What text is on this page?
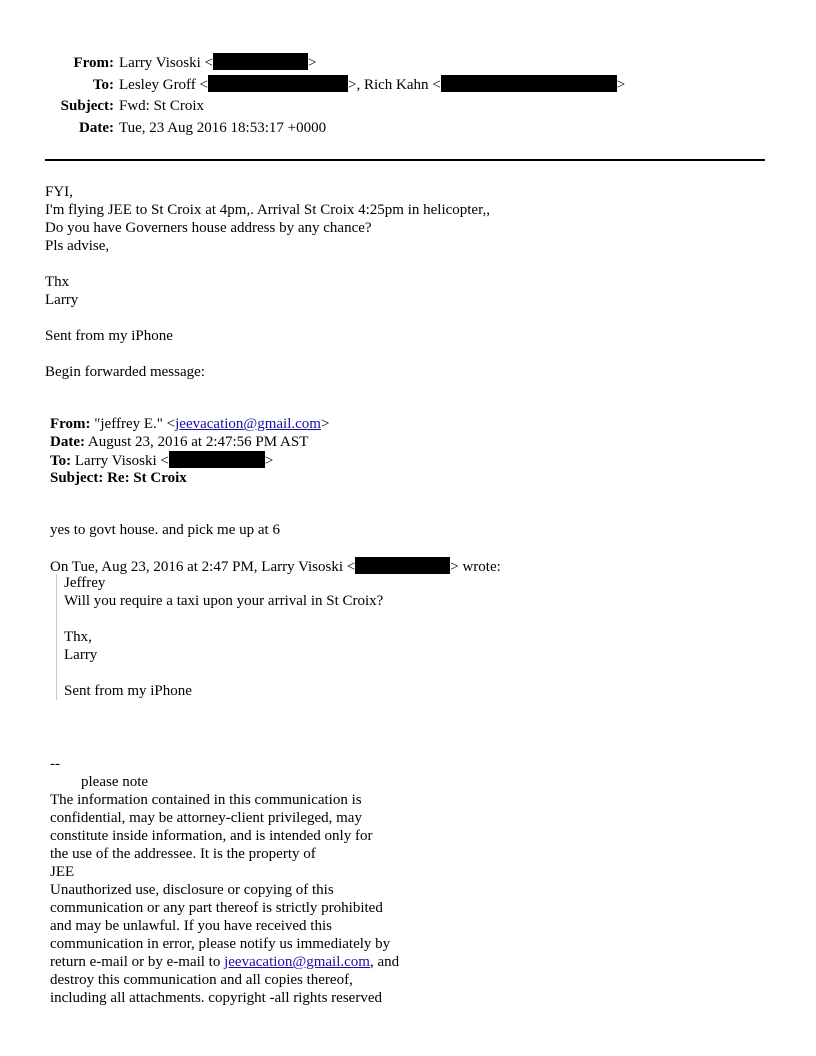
From: Larry Visoski <	>
To: Lesley Groff <	>, Rich Kahn <	>
Subject: Fwd: St Croix
Date: Tue, 23 Aug 2016 18:53:17 +0000
FYI,
I'm flying JEE to St Croix at 4pm,. Arrival St Croix 4:25pm in helicopter,,
Do you have Governers house address by any chance?
Pls advise,
Thx
Larry
Sent from my iPhone
Begin forwarded message:
From: "jeffrey E." <jeevacation@gmail.com>
Date: August 23, 2016 at 2:47:56 PM AST
To: Larry Visoski <	>
Subject: Re: St Croix
yes to govt house. and pick me up at 6
On Tue, Aug 23, 2016 at 2:47 PM, Larry Visoski <	> wrote:
Jeffrey
Will you require a taxi upon your arrival in St Croix?
Thx,
Larry
Sent from my iPhone
--
please note
The information contained in this communication is
confidential, may be attorney-client privileged, may
constitute inside information, and is intended only for
the use of the addressee. It is the property of
JEE
Unauthorized use, disclosure or copying of this
communication or any part thereof is strictly prohibited
and may be unlawful. If you have received this
communication in error, please notify us immediately by
return e-mail or by e-mail to jeevacation@gmail.com, and
destroy this communication and all copies thereof,
including all attachments. copyright -all rights reserved
